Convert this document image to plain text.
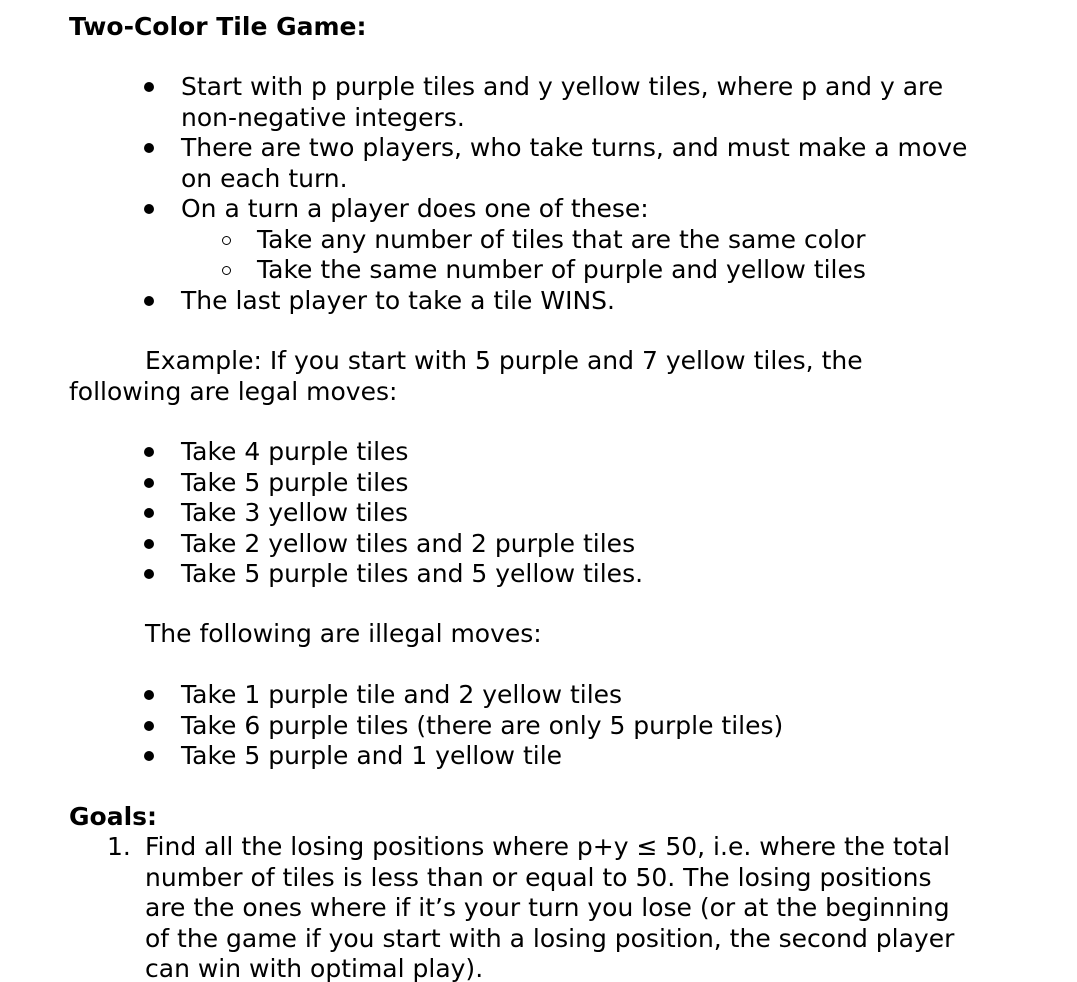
Two-Color Tile Game:
Start with p purple tiles and y yellow tiles, where p and y are non-negative integers.
There are two players, who take turns, and must make a move on each turn.
On a turn a player does one of these:
Take any number of tiles that are the same color
Take the same number of purple and yellow tiles
The last player to take a tile WINS.

Example: If you start with 5 purple and 7 yellow tiles, the following are legal moves:

Take 4 purple tiles
Take 5 purple tiles
Take 3 yellow tiles
Take 2 yellow tiles and 2 purple tiles
Take 5 purple tiles and 5 yellow tiles.

The following are illegal moves:

Take 1 purple tile and 2 yellow tiles
Take 6 purple tiles (there are only 5 purple tiles)
Take 5 purple and 1 yellow tile

Goals:

1. Find all the losing positions where p+y ≤ 50, i.e. where the total number of tiles is less than or equal to 50. The losing positions are the ones where if it’s your turn you lose (or at the beginning of the game if you start with a losing position, the second player can win with optimal play).
